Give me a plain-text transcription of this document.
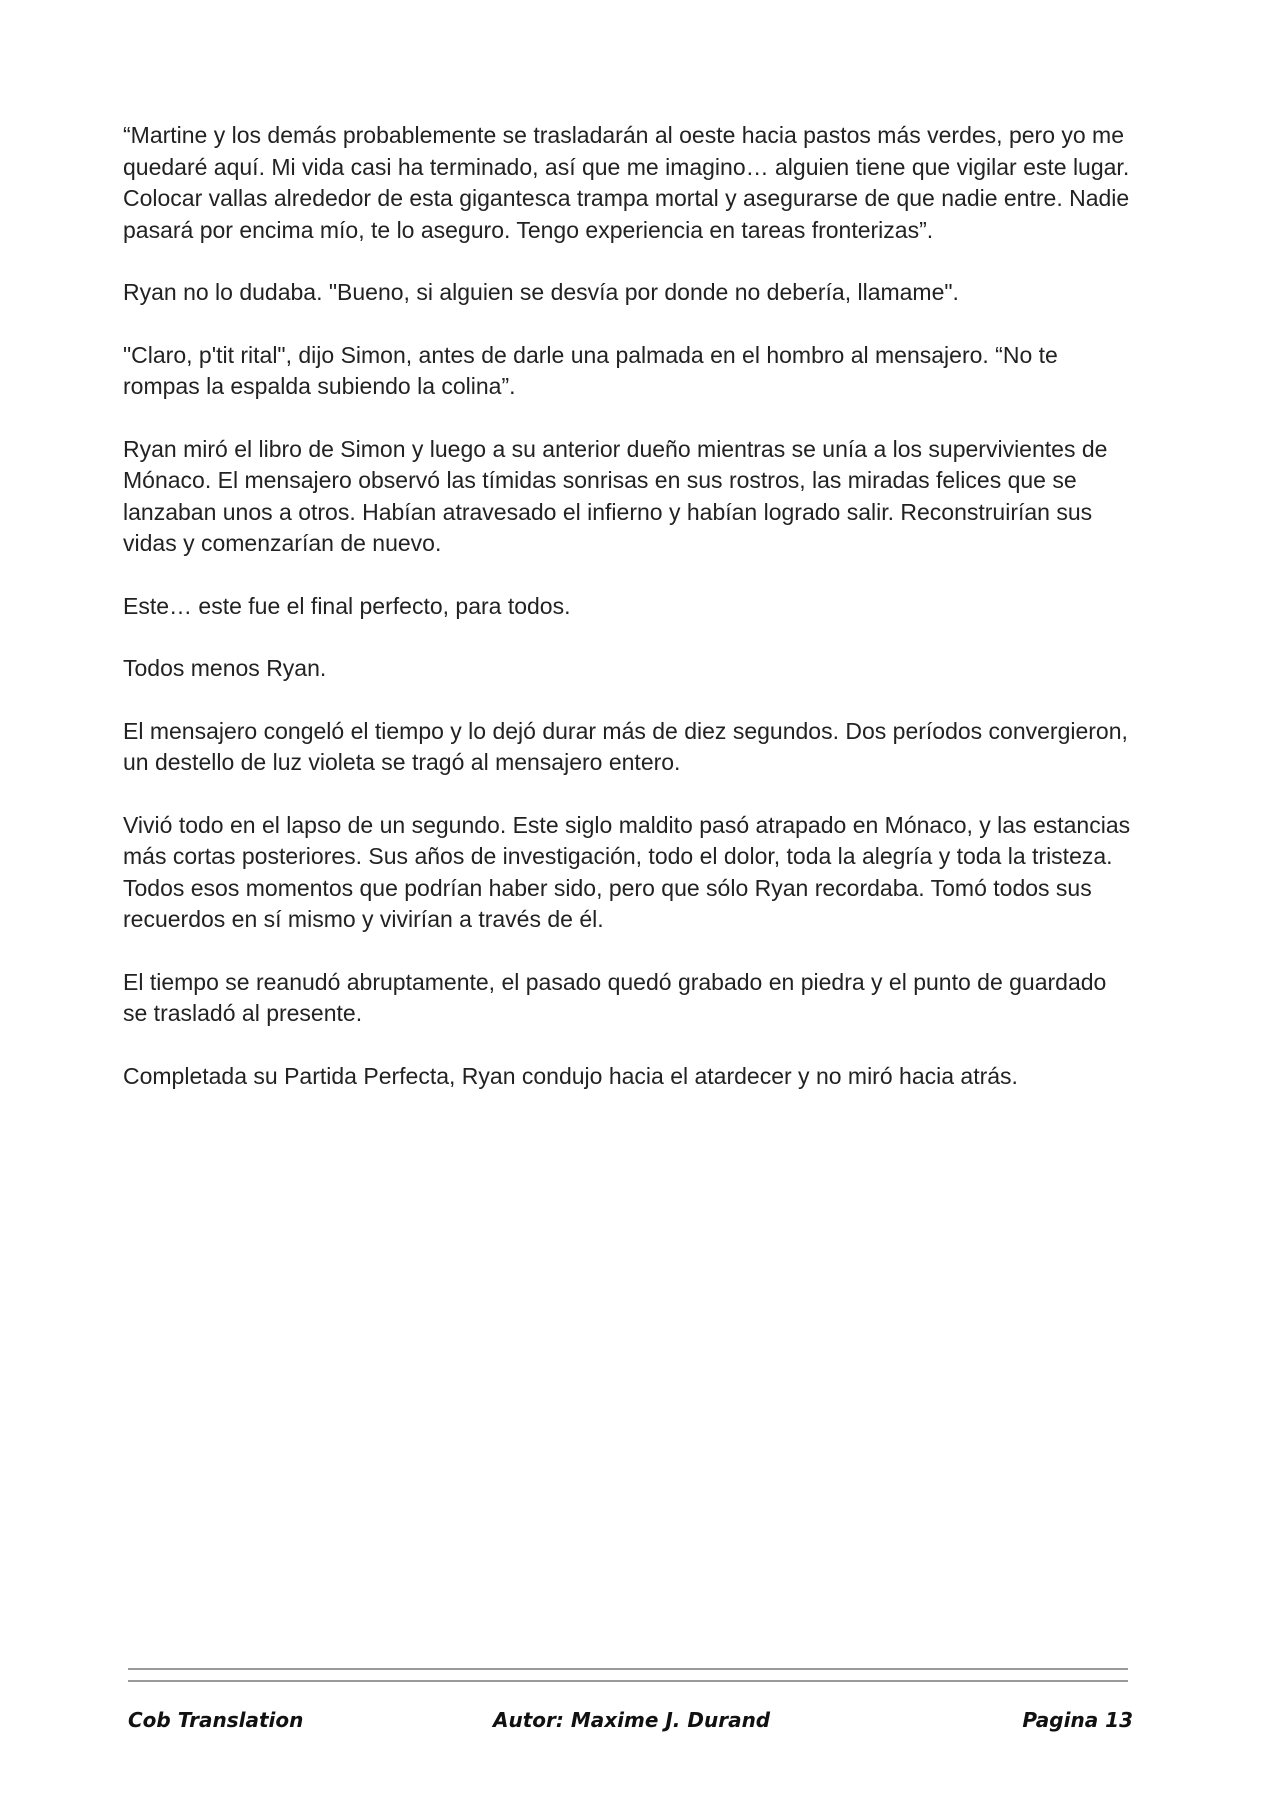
“Martine y los demás probablemente se trasladarán al oeste hacia pastos más verdes, pero yo me quedaré aquí. Mi vida casi ha terminado, así que me imagino… alguien tiene que vigilar este lugar. Colocar vallas alrededor de esta gigantesca trampa mortal y asegurarse de que nadie entre. Nadie pasará por encima mío, te lo aseguro. Tengo experiencia en tareas fronterizas”.

Ryan no lo dudaba. "Bueno, si alguien se desvía por donde no debería, llamame".

"Claro, p'tit rital", dijo Simon, antes de darle una palmada en el hombro al mensajero. “No te rompas la espalda subiendo la colina”.

Ryan miró el libro de Simon y luego a su anterior dueño mientras se unía a los supervivientes de Mónaco. El mensajero observó las tímidas sonrisas en sus rostros, las miradas felices que se lanzaban unos a otros. Habían atravesado el infierno y habían logrado salir. Reconstruirían sus vidas y comenzarían de nuevo.

Este… este fue el final perfecto, para todos.

Todos menos Ryan.

El mensajero congeló el tiempo y lo dejó durar más de diez segundos. Dos períodos convergieron, un destello de luz violeta se tragó al mensajero entero.

Vivió todo en el lapso de un segundo. Este siglo maldito pasó atrapado en Mónaco, y las estancias más cortas posteriores. Sus años de investigación, todo el dolor, toda la alegría y toda la tristeza. Todos esos momentos que podrían haber sido, pero que sólo Ryan recordaba. Tomó todos sus recuerdos en sí mismo y vivirían a través de él.

El tiempo se reanudó abruptamente, el pasado quedó grabado en piedra y el punto de guardado se trasladó al presente.

Completada su Partida Perfecta, Ryan condujo hacia el atardecer y no miró hacia atrás.

Cob Translation	Autor: Maxime J. Durand	Pagina 13
